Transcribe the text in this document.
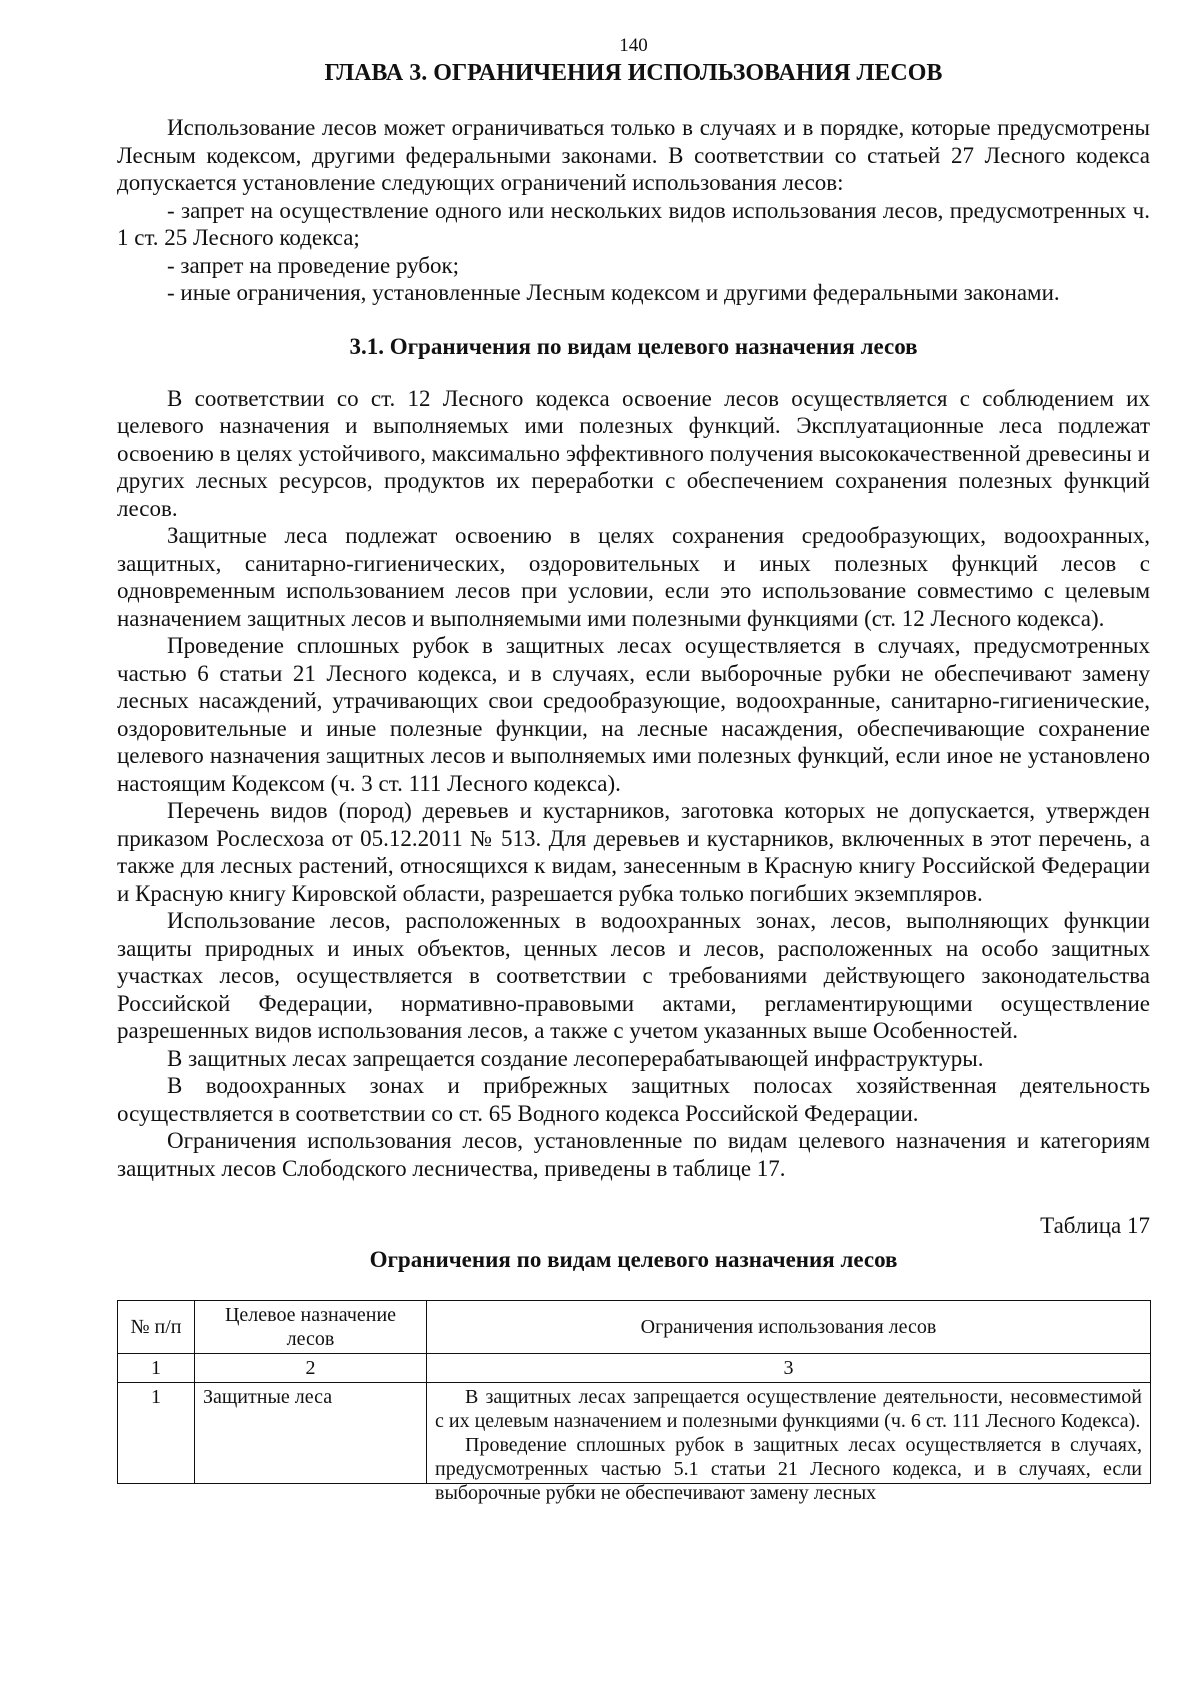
140
ГЛАВА 3. ОГРАНИЧЕНИЯ ИСПОЛЬЗОВАНИЯ ЛЕСОВ

Использование лесов может ограничиваться только в случаях и в порядке, которые предусмотрены Лесным кодексом, другими федеральными законами. В соответствии со статьей 27 Лесного кодекса допускается установление следующих ограничений использования лесов:

- запрет на осуществление одного или нескольких видов использования лесов, предусмотренных ч. 1 ст. 25 Лесного кодекса;

- запрет на проведение рубок;

- иные ограничения, установленные Лесным кодексом и другими федеральными законами.

3.1. Ограничения по видам целевого назначения лесов

В соответствии со ст. 12 Лесного кодекса освоение лесов осуществляется с соблюдением их целевого назначения и выполняемых ими полезных функций. Эксплуатационные леса подлежат освоению в целях устойчивого, максимально эффективного получения высококачественной древесины и других лесных ресурсов, продуктов их переработки с обеспечением сохранения полезных функций лесов.

Защитные леса подлежат освоению в целях сохранения средообразующих, водоохранных, защитных, санитарно-гигиенических, оздоровительных и иных полезных функций лесов с одновременным использованием лесов при условии, если это использование совместимо с целевым назначением защитных лесов и выполняемыми ими полезными функциями (ст. 12 Лесного кодекса).

Проведение сплошных рубок в защитных лесах осуществляется в случаях, предусмотренных частью 6 статьи 21 Лесного кодекса, и в случаях, если выборочные рубки не обеспечивают замену лесных насаждений, утрачивающих свои средообразующие, водоохранные, санитарно-гигиенические, оздоровительные и иные полезные функции, на лесные насаждения, обеспечивающие сохранение целевого назначения защитных лесов и выполняемых ими полезных функций, если иное не установлено настоящим Кодексом (ч. 3 ст. 111 Лесного кодекса).

Перечень видов (пород) деревьев и кустарников, заготовка которых не допускается, утвержден приказом Рослесхоза от 05.12.2011 № 513. Для деревьев и кустарников, включенных в этот перечень, а также для лесных растений, относящихся к видам, занесенным в Красную книгу Российской Федерации и Красную книгу Кировской области, разрешается рубка только погибших экземпляров.

Использование лесов, расположенных в водоохранных зонах, лесов, выполняющих функции защиты природных и иных объектов, ценных лесов и лесов, расположенных на особо защитных участках лесов, осуществляется в соответствии с требованиями действующего законодательства Российской Федерации, нормативно-правовыми актами, регламентирующими осуществление разрешенных видов использования лесов, а также с учетом указанных выше Особенностей.

В защитных лесах запрещается создание лесоперерабатывающей инфраструктуры.

В водоохранных зонах и прибрежных защитных полосах хозяйственная деятельность осуществляется в соответствии со ст. 65 Водного кодекса Российской Федерации.

Ограничения использования лесов, установленные по видам целевого назначения и категориям защитных лесов Слободского лесничества, приведены в таблице 17.

Таблица 17
Ограничения по видам целевого назначения лесов
№ п/п	Целевое назначение лесов	Ограничения использования лесов
1	2	3
1	Защитные леса	В защитных лесах запрещается осуществление деятельности, несовместимой с их целевым назначением и полезными функциями (ч. 6 ст. 111 Лесного Кодекса).

Проведение сплошных рубок в защитных лесах осуществляется в случаях, предусмотренных частью 5.1 статьи 21 Лесного кодекса, и в случаях, если выборочные рубки не обеспечивают замену лесных
